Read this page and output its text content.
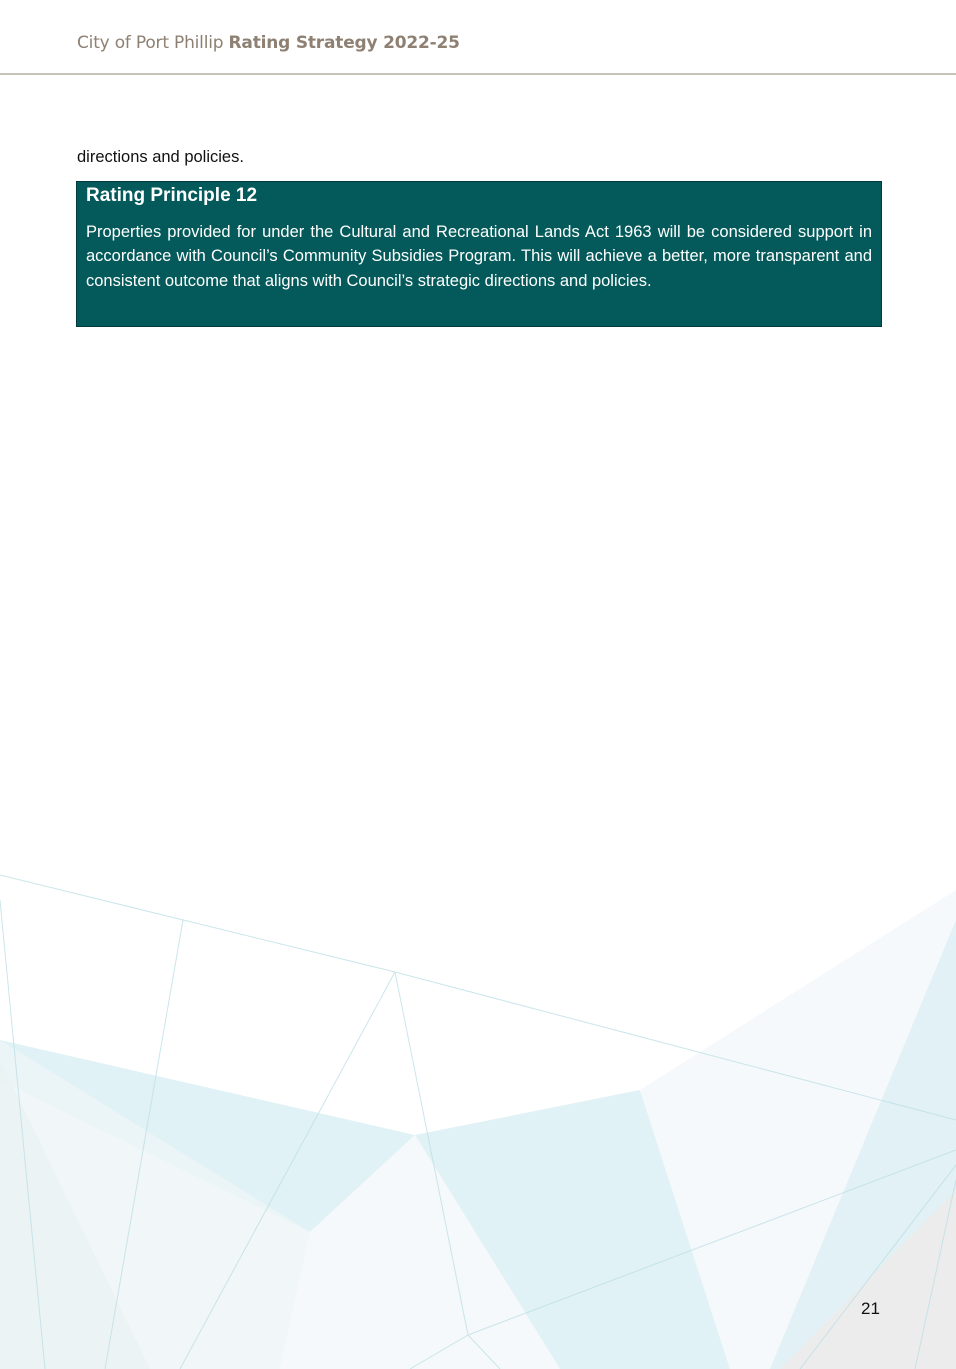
City of Port Phillip Rating Strategy 2022-25
directions and policies.
Rating Principle 12

Properties provided for under the Cultural and Recreational Lands Act 1963 will be considered support in accordance with Council’s Community Subsidies Program. This will achieve a better, more transparent and consistent outcome that aligns with Council’s strategic directions and policies.

21
